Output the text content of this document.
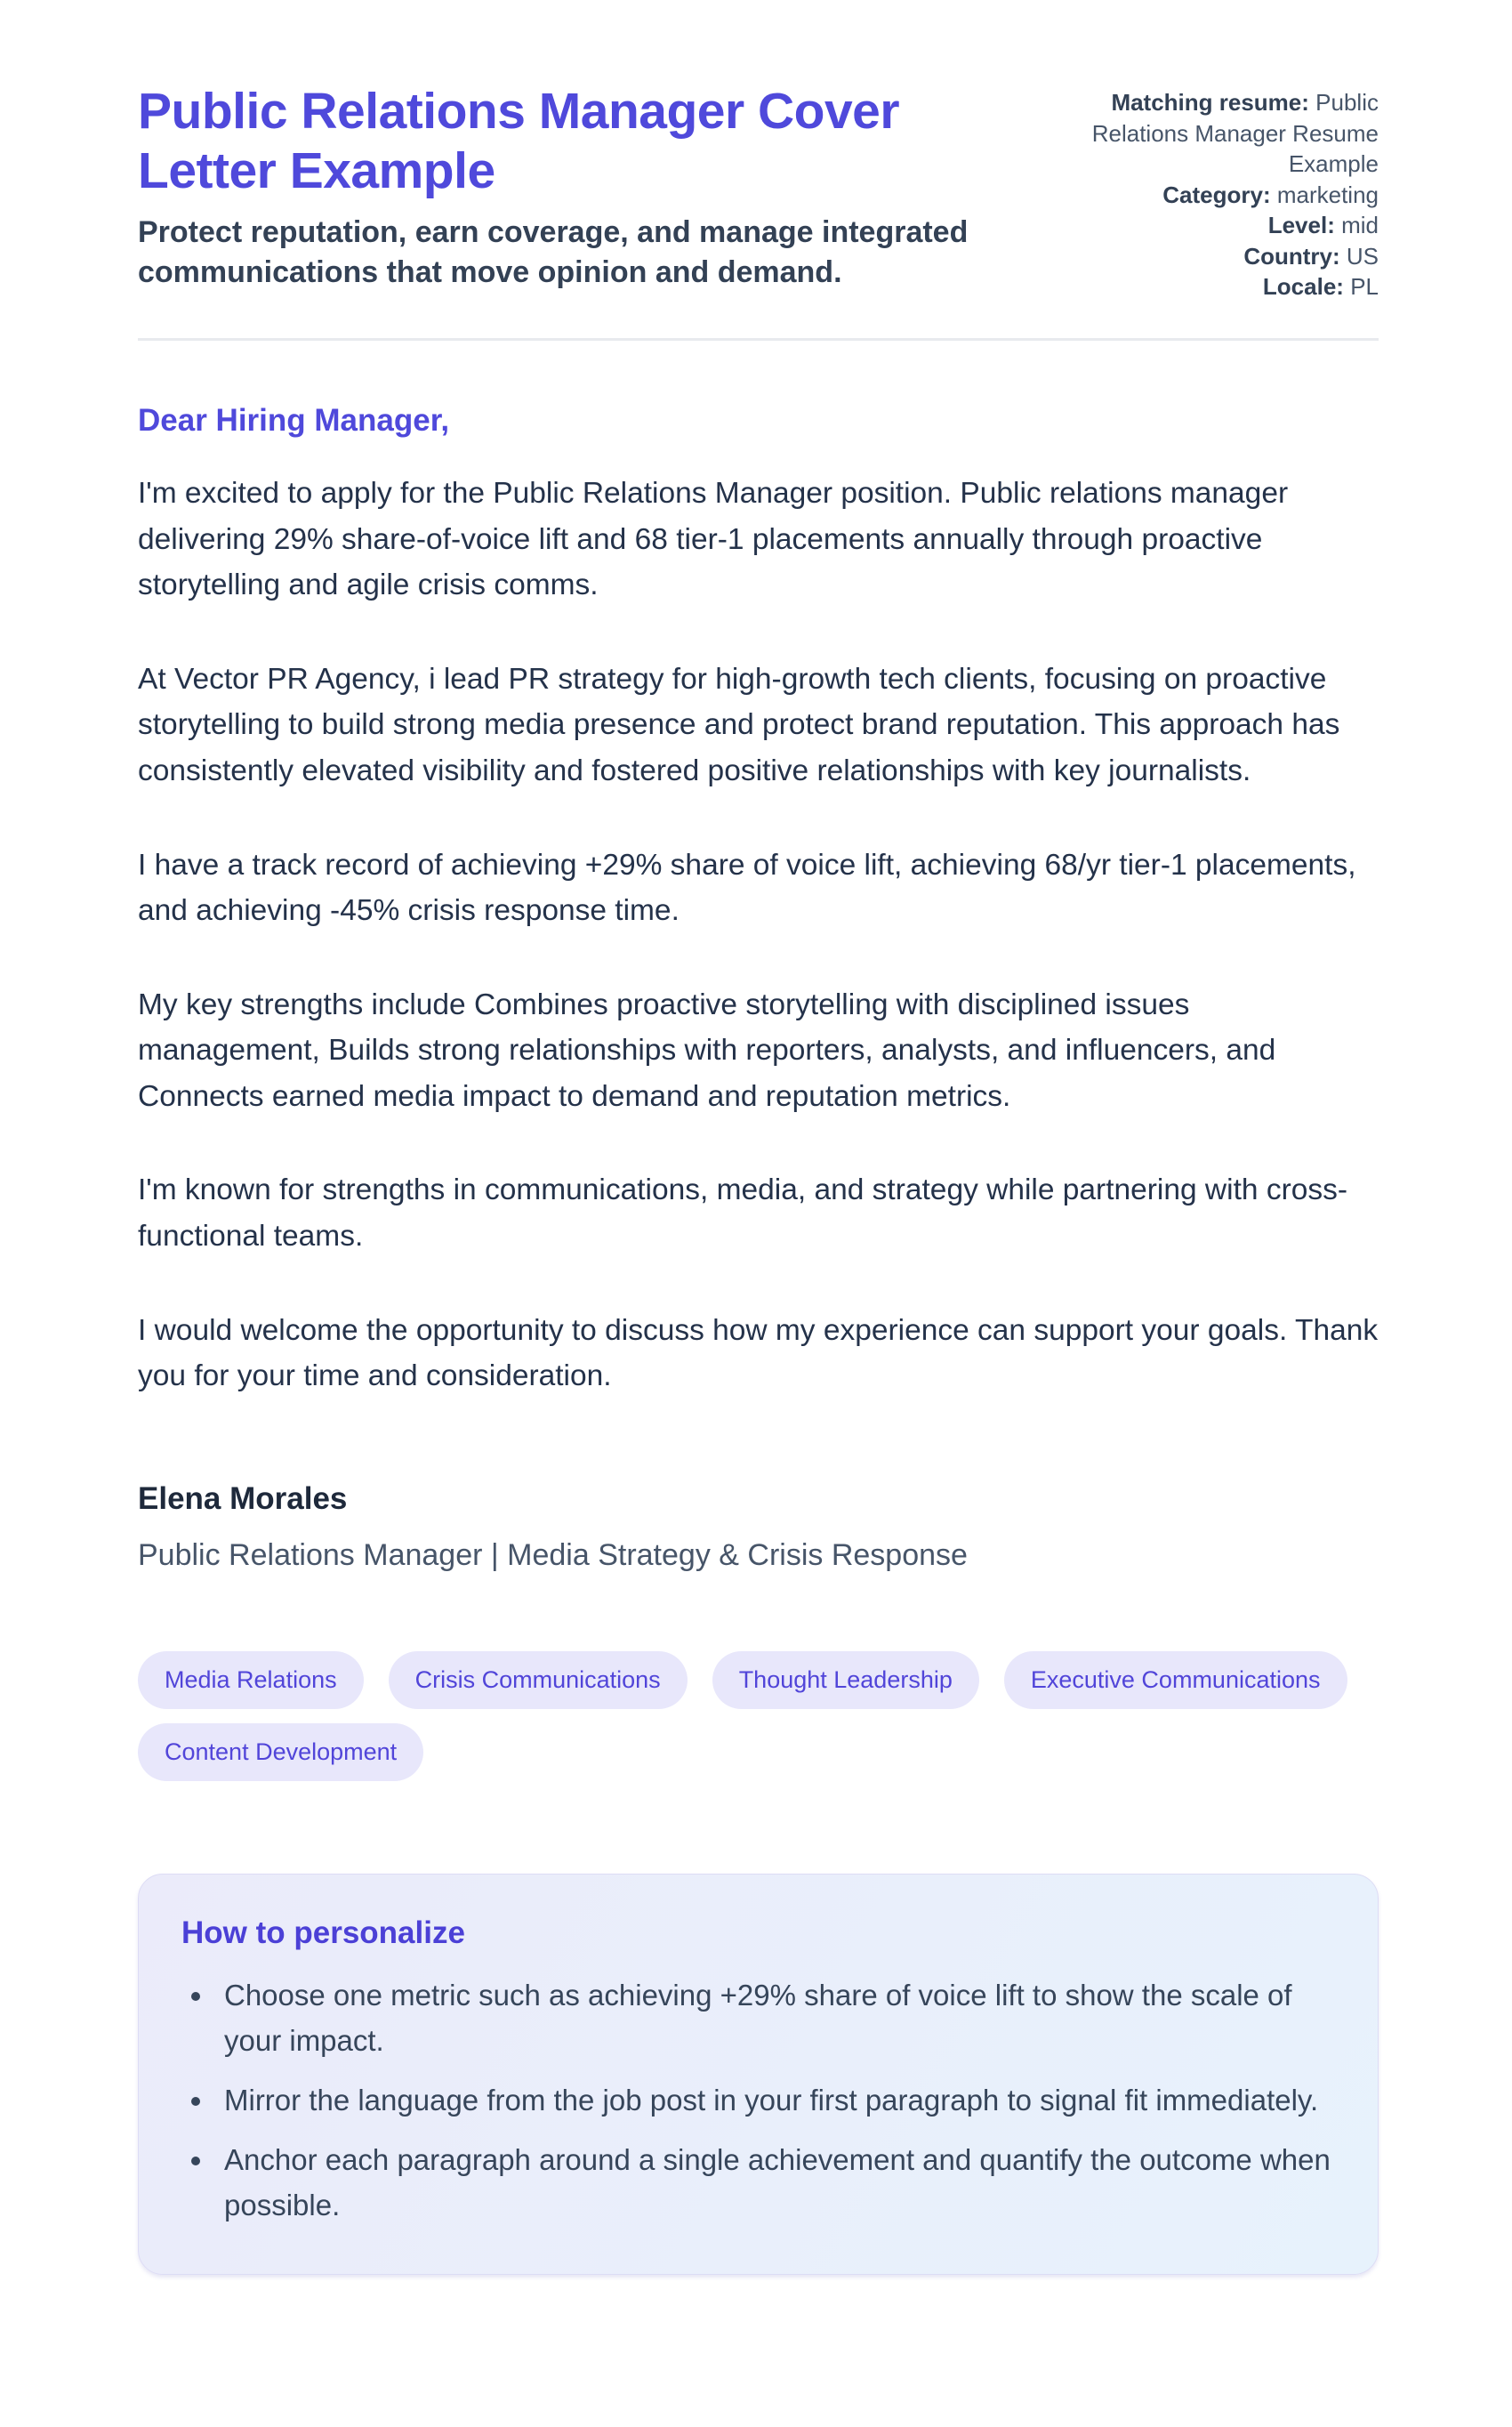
Public Relations Manager Cover Letter Example

Protect reputation, earn coverage, and manage integrated communications that move opinion and demand.

Matching resume: Public Relations Manager Resume Example
Category: marketing
Level: mid
Country: US
Locale: PL

Dear Hiring Manager,

I'm excited to apply for the Public Relations Manager position. Public relations manager delivering 29% share-of-voice lift and 68 tier-1 placements annually through proactive storytelling and agile crisis comms.

At Vector PR Agency, i lead PR strategy for high-growth tech clients, focusing on proactive storytelling to build strong media presence and protect brand reputation. This approach has consistently elevated visibility and fostered positive relationships with key journalists.

I have a track record of achieving +29% share of voice lift, achieving 68/yr tier-1 placements, and achieving -45% crisis response time.

My key strengths include Combines proactive storytelling with disciplined issues management, Builds strong relationships with reporters, analysts, and influencers, and Connects earned media impact to demand and reputation metrics.

I'm known for strengths in communications, media, and strategy while partnering with cross-functional teams.

I would welcome the opportunity to discuss how my experience can support your goals. Thank you for your time and consideration.

Elena Morales

Public Relations Manager | Media Strategy & Crisis Response

Media Relations	Crisis Communications	Thought Leadership	Executive Communications
Content Development

How to personalize

• Choose one metric such as achieving +29% share of voice lift to show the scale of your impact.
• Mirror the language from the job post in your first paragraph to signal fit immediately.
• Anchor each paragraph around a single achievement and quantify the outcome when possible.
